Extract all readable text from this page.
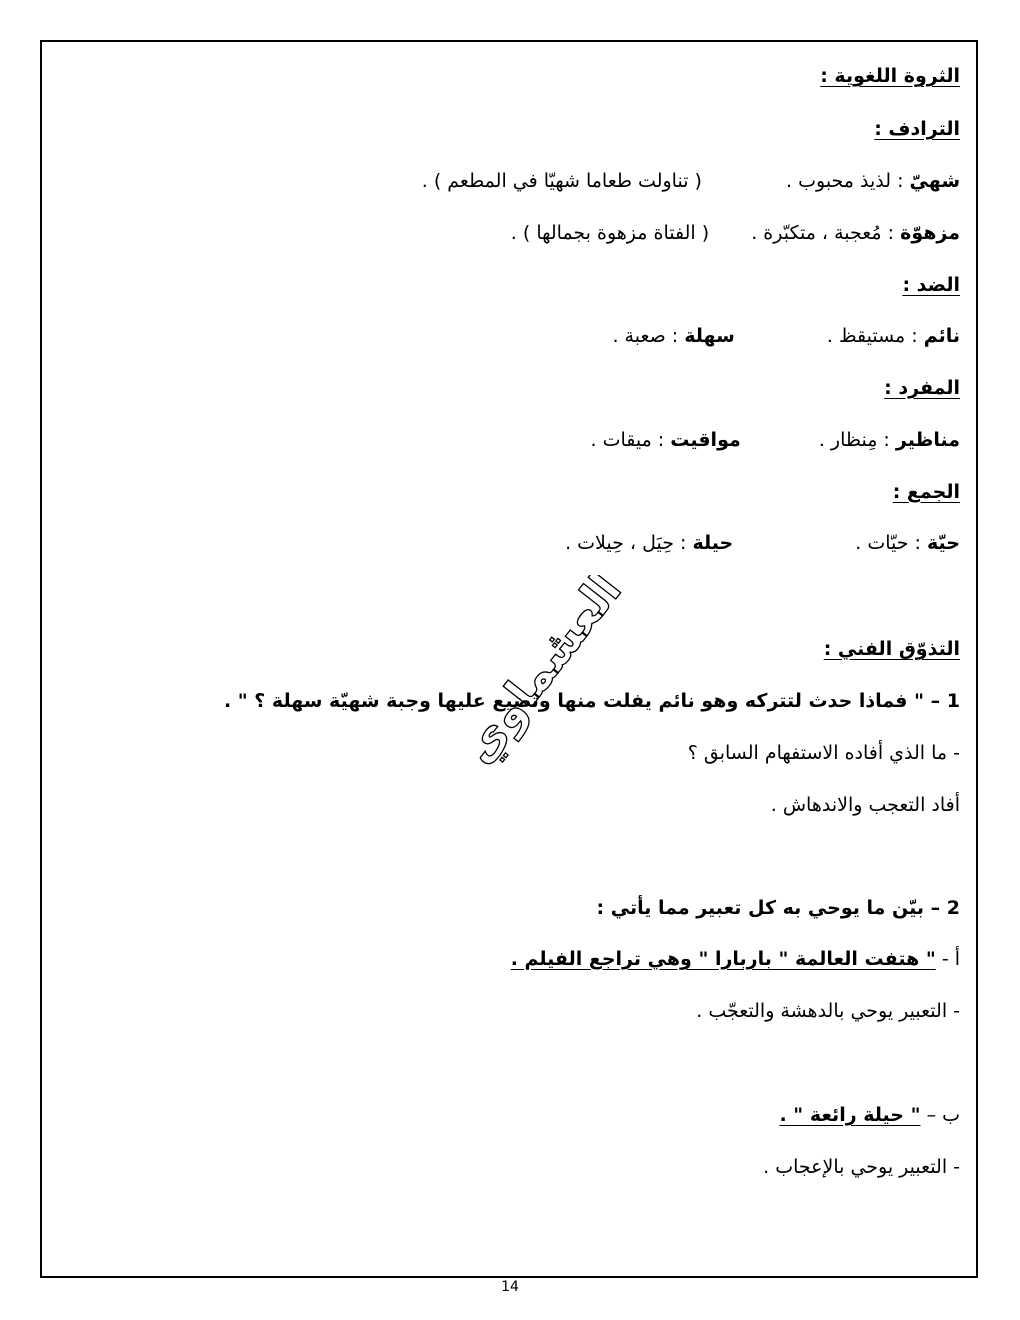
الثروة اللغوية :
الترادف :
شهيّ : لذيذ محبوب .  ( تناولت طعاما شهيّا في المطعم ) .
مزهوّة : مُعجبة ، متكبّرة .  ( الفتاة مزهوة بجمالها ) .
الضد :
نائم : مستيقظ .  سهلة : صعبة .
المفرد :
مناظير : مِنظار .  مواقيت : ميقات .
الجمع :
حيّة : حيّات .  حيلة : حِيَل ، حِيلات .
العشماوي	التذوّق الفني :
1 – " فماذا حدث لتتركه وهو نائم يفلت منها وتضيع عليها وجبة شهيّة سهلة ؟ " .
- ما الذي أفاده الاستفهام السابق ؟
أفاد التعجب والاندهاش .
2 – بيّن ما يوحي به كل تعبير مما يأتي :
أ - " هتفت العالمة " باربارا " وهي تراجع الفيلم .
- التعبير يوحي بالدهشة والتعجّب .
ب – " حيلة رائعة " .
- التعبير يوحي بالإعجاب .
14
